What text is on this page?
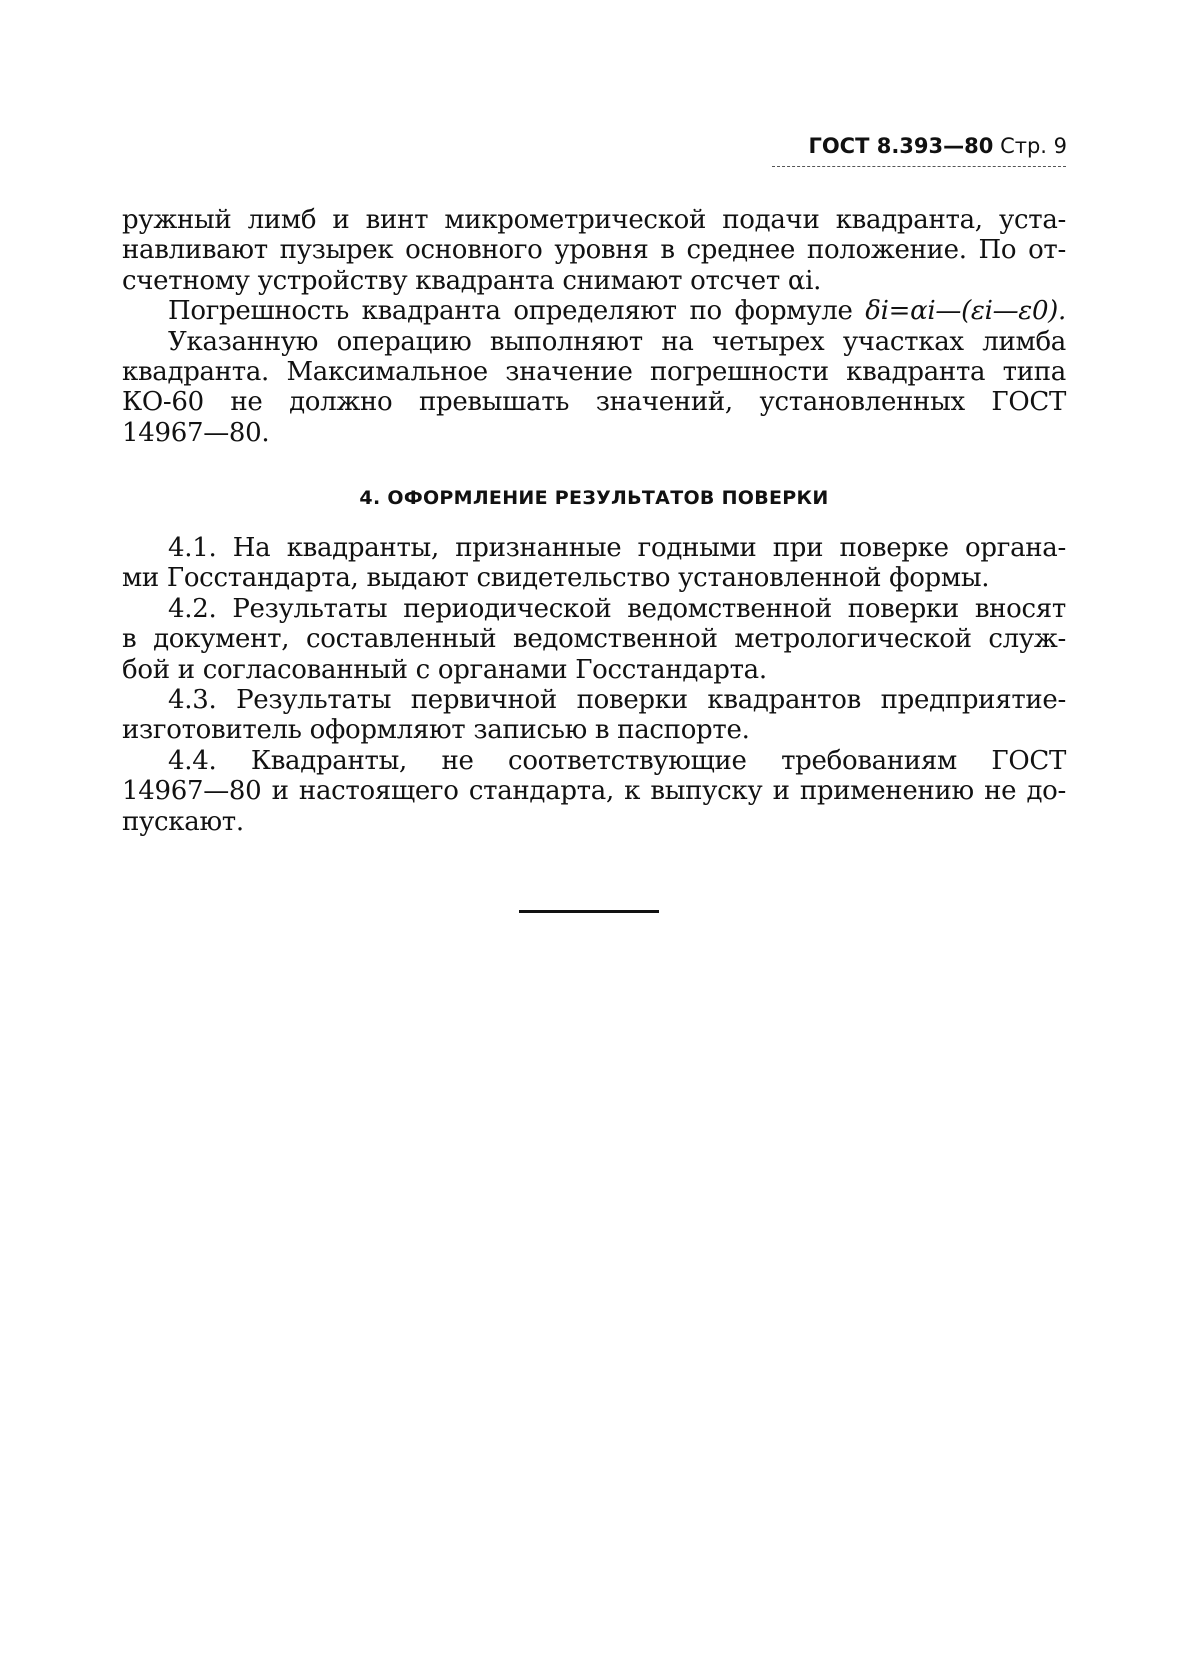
ГОСТ 8.393—80 Стр. 9
ружный лимб и винт микрометрической подачи квадранта, уста-
навливают пузырек основного уровня в среднее положение. По от-
счетному устройству квадранта снимают отсчет αi.
Погрешность квадранта определяют по формуле δi=αi—(εi—ε0).
Указанную операцию выполняют на четырех участках лимба
квадранта. Максимальное значение погрешности квадранта типа
КО-60 не должно превышать значений, установленных ГОСТ
14967—80.
4. ОФОРМЛЕНИЕ РЕЗУЛЬТАТОВ ПОВЕРКИ
4.1. На квадранты, признанные годными при поверке органа-
ми Госстандарта, выдают свидетельство установленной формы.
4.2. Результаты периодической ведомственной поверки вносят
в документ, составленный ведомственной метрологической служ-
бой и согласованный с органами Госстандарта.
4.3. Результаты первичной поверки квадрантов предприятие-
изготовитель оформляют записью в паспорте.
4.4. Квадранты, не соответствующие требованиям ГОСТ
14967—80 и настоящего стандарта, к выпуску и применению не до-
пускают.
